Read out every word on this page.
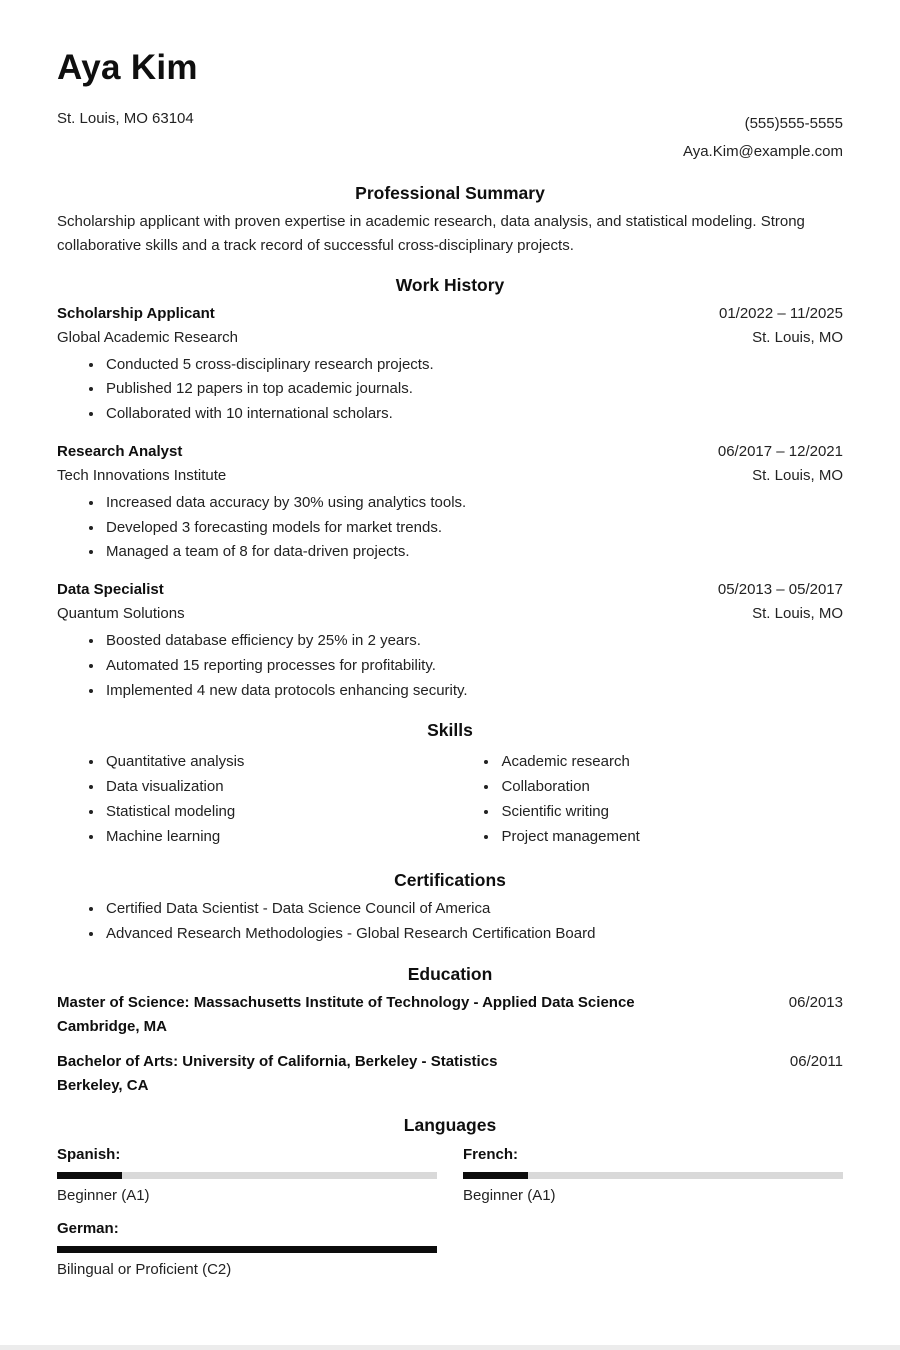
Aya Kim
St. Louis, MO 63104	(555)555-5555
Aya.Kim@example.com
Professional Summary

Scholarship applicant with proven expertise in academic research, data analysis, and statistical modeling. Strong collaborative skills and a track record of successful cross-disciplinary projects.

Work History
Scholarship Applicant	01/2022 – 11/2025
Global Academic Research	St. Louis, MO
• Conducted 5 cross-disciplinary research projects.
• Published 12 papers in top academic journals.
• Collaborated with 10 international scholars.
Research Analyst	06/2017 – 12/2021
Tech Innovations Institute	St. Louis, MO
• Increased data accuracy by 30% using analytics tools.
• Developed 3 forecasting models for market trends.
• Managed a team of 8 for data-driven projects.
Data Specialist	05/2013 – 05/2017
Quantum Solutions	St. Louis, MO
• Boosted database efficiency by 25% in 2 years.
• Automated 15 reporting processes for profitability.
• Implemented 4 new data protocols enhancing security.
Skills
• Quantitative analysis
• Data visualization
• Statistical modeling
• Machine learning
• Academic research
• Collaboration
• Scientific writing
• Project management
Certifications
• Certified Data Scientist - Data Science Council of America
• Advanced Research Methodologies - Global Research Certification Board
Education
Master of Science: Massachusetts Institute of Technology - Applied Data Science	06/2013
Cambridge, MA
Bachelor of Arts: University of California, Berkeley - Statistics	06/2011
Berkeley, CA
Languages
Spanish:
Beginner (A1)
French:
Beginner (A1)
German:
Bilingual or Proficient (C2)
